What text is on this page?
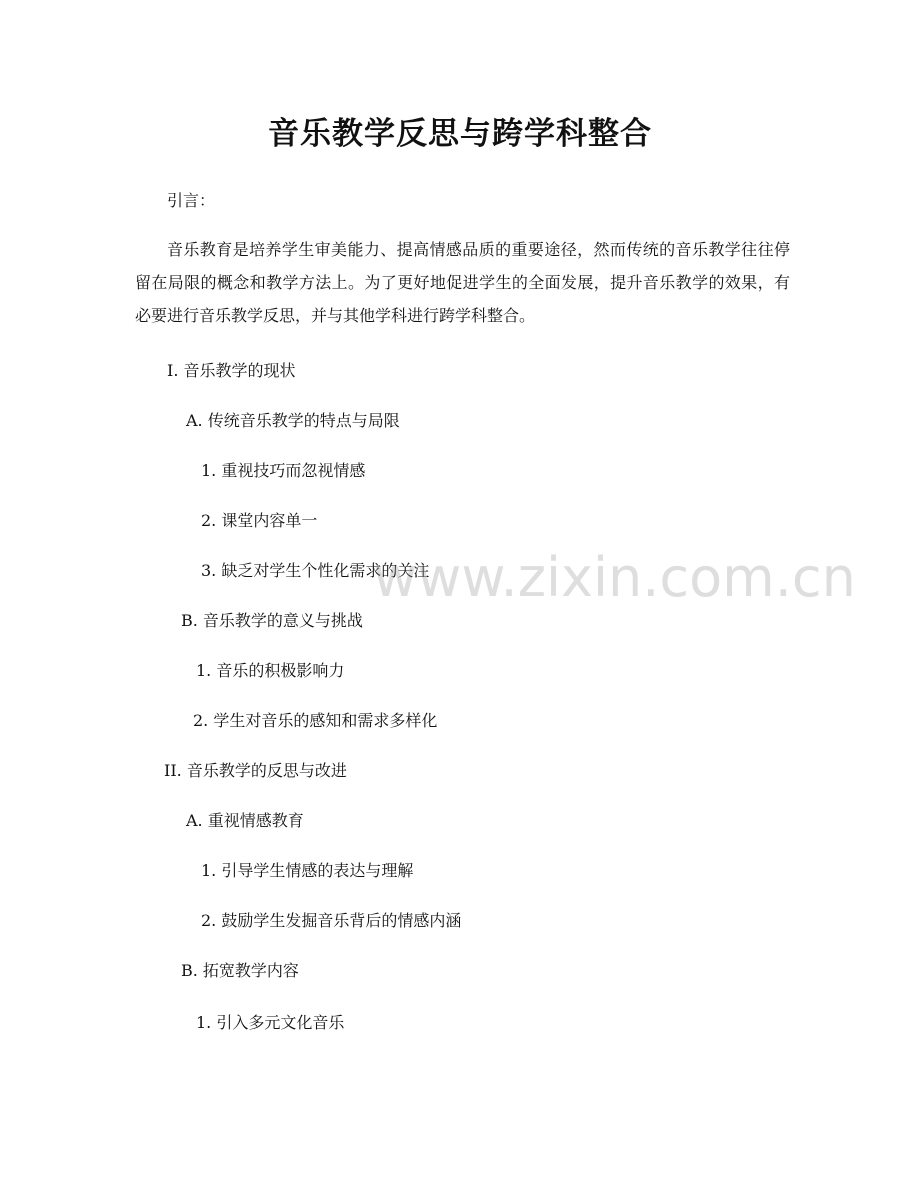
音乐教学反思与跨学科整合

引言：

音乐教育是培养学生审美能力、提高情感品质的重要途径，然而传统的音乐教学往往停留在局限的概念和教学方法上。为了更好地促进学生的全面发展，提升音乐教学的效果，有必要进行音乐教学反思，并与其他学科进行跨学科整合。

I. 音乐教学的现状

A. 传统音乐教学的特点与局限

1. 重视技巧而忽视情感

2. 课堂内容单一

3. 缺乏对学生个性化需求的关注

B. 音乐教学的意义与挑战

1. 音乐的积极影响力

2. 学生对音乐的感知和需求多样化

II. 音乐教学的反思与改进

A. 重视情感教育

1. 引导学生情感的表达与理解

2. 鼓励学生发掘音乐背后的情感内涵

B. 拓宽教学内容

1. 引入多元文化音乐

www.zixin.com.cn
